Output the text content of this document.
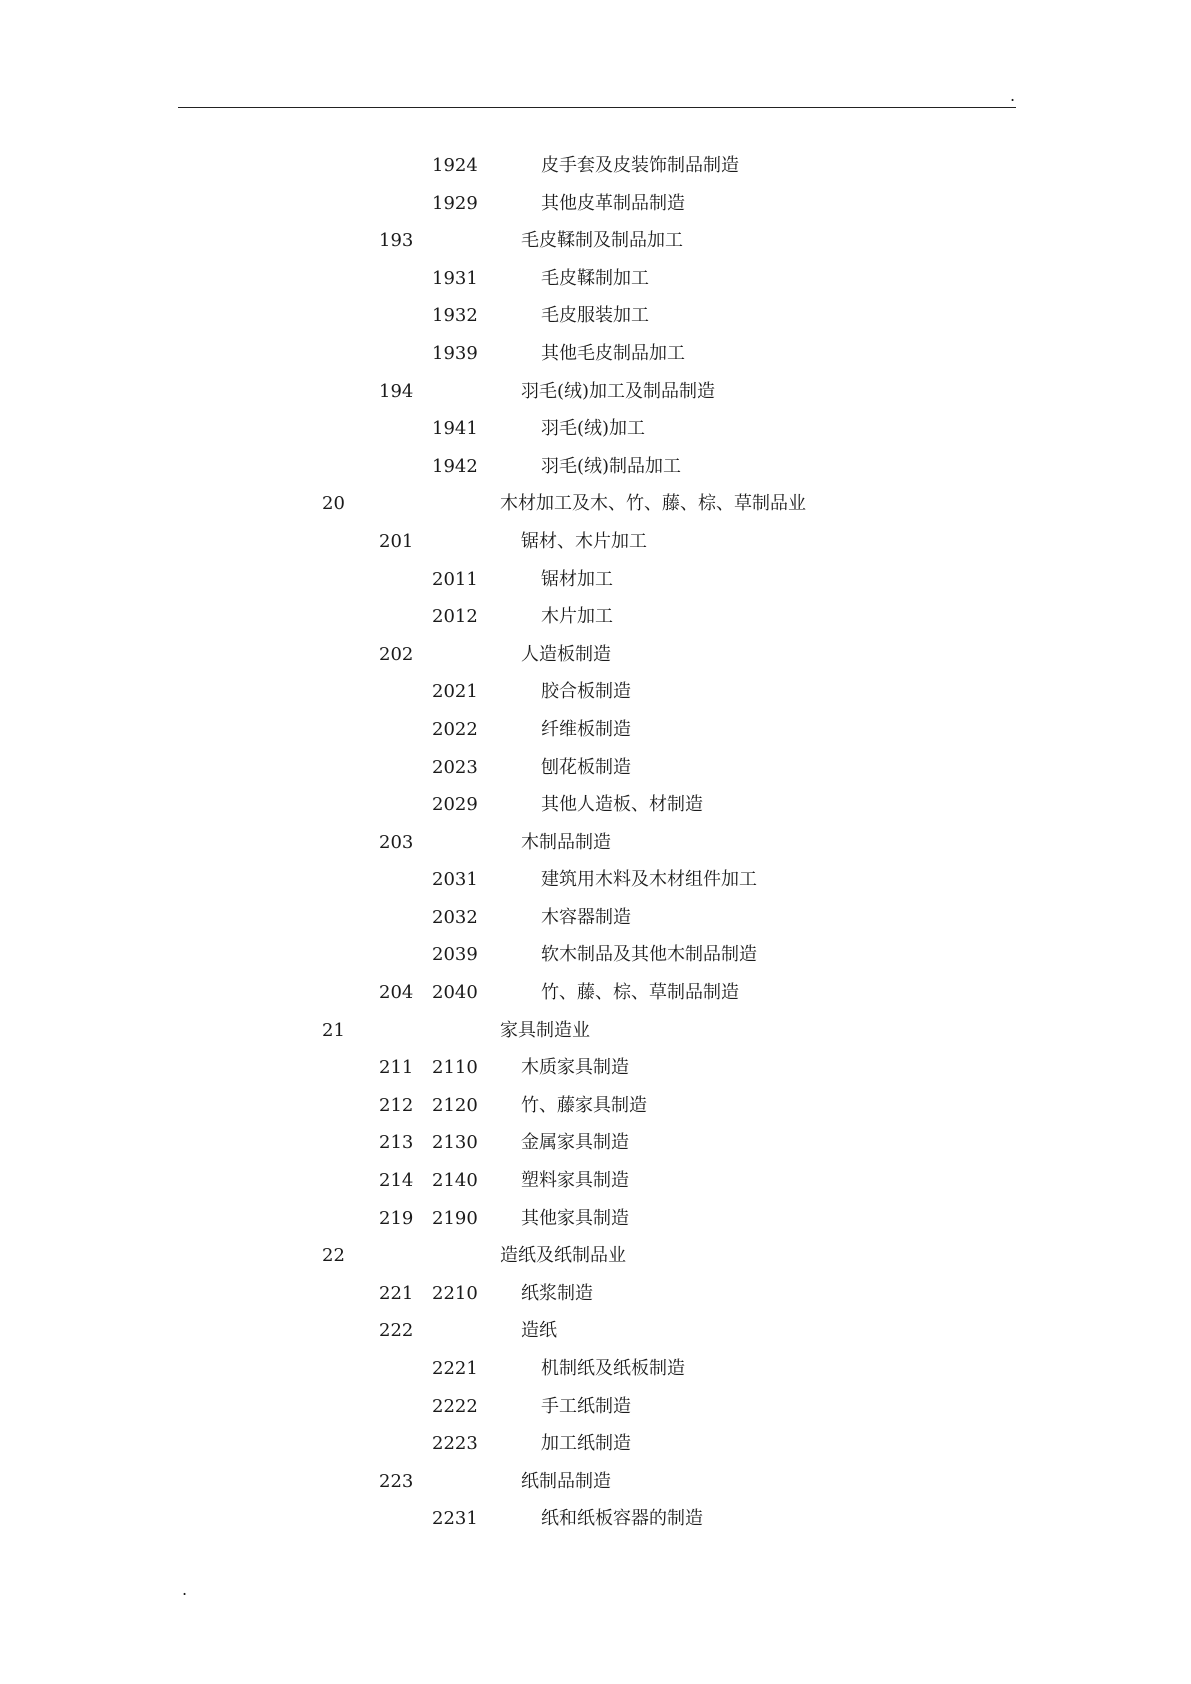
.
1924	皮手套及皮装饰制品制造
1929	其他皮革制品制造
193	毛皮鞣制及制品加工
1931	毛皮鞣制加工
1932	毛皮服装加工
1939	其他毛皮制品加工
194	羽毛(绒)加工及制品制造
1941	羽毛(绒)加工
1942	羽毛(绒)制品加工
20	木材加工及木、竹、藤、棕、草制品业
201	锯材、木片加工
2011	锯材加工
2012	木片加工
202	人造板制造
2021	胶合板制造
2022	纤维板制造
2023	刨花板制造
2029	其他人造板、材制造
203	木制品制造
2031	建筑用木料及木材组件加工
2032	木容器制造
2039	软木制品及其他木制品制造
204 2040	竹、藤、棕、草制品制造
21	家具制造业
211 2110 木质家具制造
212 2120 竹、藤家具制造
213 2130 金属家具制造
214 2140 塑料家具制造
219 2190 其他家具制造
22	造纸及纸制品业
221 2210 纸浆制造
222	造纸
2221	机制纸及纸板制造
2222	手工纸制造
2223	加工纸制造
223	纸制品制造
2231	纸和纸板容器的制造
.
